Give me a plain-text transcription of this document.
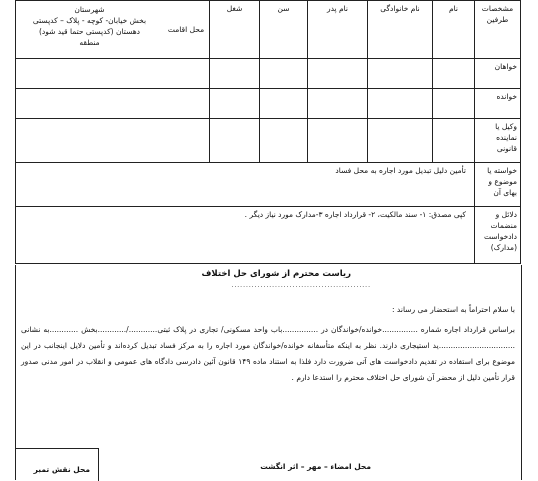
مشخصات طرفین	نام	نام خانوادگی	نام پدر	سن	شغل	محل اقامت
شهرستان
بخش خیابان- کوچه - پلاک – کدپستی
دهستان (کدپستی حتما قید شود)
منطقه

خواهان						
خوانده						
وکیل یا نماینده قانونی						
خواسته یا موضوع و بهای آن	تأمین دلیل تبدیل مورد اجاره به محل فساد					
دلائل و منضمات دادخواست (مدارک)	کپی مصدق: ۱- سند مالکیت، ۲- قرارداد اجاره ۳-مدارک مورد نیاز دیگر .					
ریاست محترم از شورای حل اختلاف
................................................
با سلام احتراماً به استحضار می رساند :
براساس قرارداد اجاره شماره ...............خوانده/خواندگان در ...............باب واحد مسکونی/ تجاری در پلاک ثبتی............/............بخش ............به نشانی ................................ید استیجاری دارند. نظر به اینکه متأسفانه خوانده/خواندگان مورد اجاره را به مرکز فساد تبدیل کرده‌اند و تأمین دلایل اینجانب در این موضوع برای استفاده در تقدیم دادخواست های آتی ضرورت دارد فلذا به استناد ماده ۱۴۹ قانون آئین دادرسی دادگاه های عمومی و انقلاب در امور مدنی صدور قرار تأمین دلیل از محضر آن شورای حل اختلاف محترم را استدعا دارم .
محل امضاء – مهر – اثر انگشت
محل نقش تمبر
